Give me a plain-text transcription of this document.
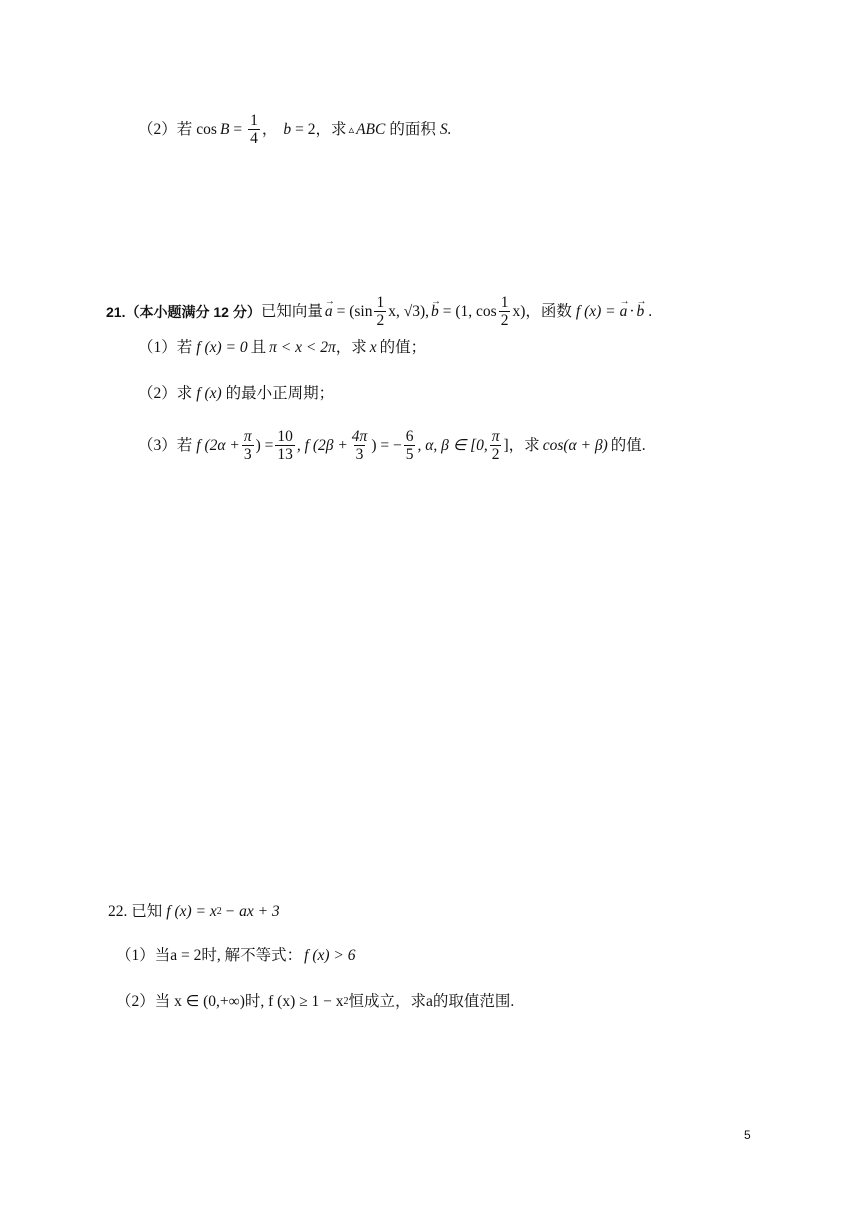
（2）若 $\cos B = \frac{1}{4}$ ， b = 2 ，求 ▵ ABC 的面积 S.
21.（本小题满分 12 分） 已知向量 → $a = (\sin \frac{1}{2} x$, √3), → b = (1, $\cos \frac{1}{2} x$) ，函数 f (x) = → a · → b .
（1）若 f (x) = 0 且 π < x < 2π ，求 x 的值；
（2）求 f (x) 的最小正周期；
（3）若 f ($2\alpha + \frac{\pi}{3}$ ) = $\frac{10}{13}$ , f ($2\beta + \frac{4\pi}{3}$ ) = − $\frac{6}{5}$ , α, β ∈ [0, $\frac{\pi}{2}$ ] ，求 cos(α + β) 的值.
22. 已知 f (x) = x 2 − ax + 3
（1） 当a = 2时, 解不等式： f (x) > 6
（2） 当 x ∈ (0,+∞)时, f (x) ≥ 1 − x 2 恒成立，求a的取值范围.
5
